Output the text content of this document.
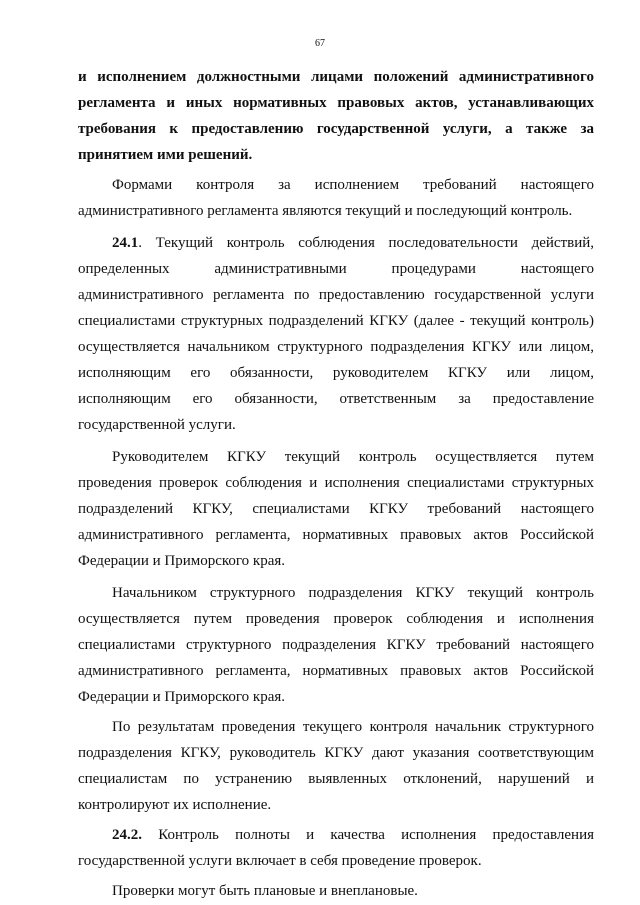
67

и исполнением должностными лицами положений административного регламента и иных нормативных правовых актов, устанавливающих требования к предоставлению государственной услуги, а также за принятием ими решений.

Формами контроля за исполнением требований настоящего административного регламента являются текущий и последующий контроль.

24.1. Текущий контроль соблюдения последовательности действий, определенных административными процедурами настоящего административного регламента по предоставлению государственной услуги специалистами структурных подразделений КГКУ (далее - текущий контроль) осуществляется начальником структурного подразделения КГКУ или лицом, исполняющим его обязанности, руководителем КГКУ или лицом, исполняющим его обязанности, ответственным за предоставление государственной услуги.

Руководителем КГКУ текущий контроль осуществляется путем проведения проверок соблюдения и исполнения специалистами структурных подразделений КГКУ, специалистами КГКУ требований настоящего административного регламента, нормативных правовых актов Российской Федерации и Приморского края.

Начальником структурного подразделения КГКУ текущий контроль осуществляется путем проведения проверок соблюдения и исполнения специалистами структурного подразделения КГКУ требований настоящего административного регламента, нормативных правовых актов Российской Федерации и Приморского края.

По результатам проведения текущего контроля начальник структурного подразделения КГКУ, руководитель КГКУ дают указания соответствующим специалистам по устранению выявленных отклонений, нарушений и контролируют их исполнение.

24.2. Контроль полноты и качества исполнения предоставления государственной услуги включает в себя проведение проверок.

Проверки могут быть плановые и внеплановые.
